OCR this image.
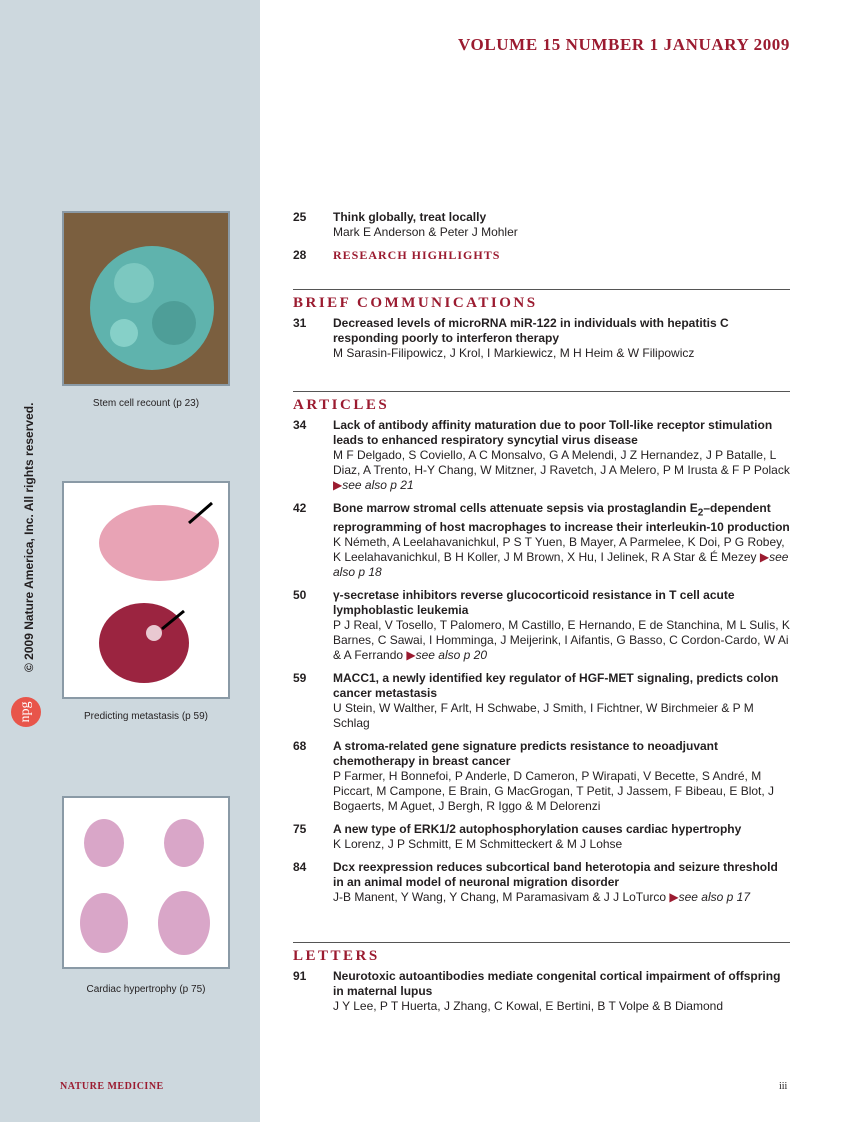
Stem cell recount (p 23)
Predicting metastasis (p 59)
Cardiac hypertrophy (p 75)
© 2009 Nature America, Inc. All rights reserved.
npg
NATURE MEDICINE
VOLUME 15 NUMBER 1 JANUARY 2009
25	Think globally, treat locally
Mark E Anderson & Peter J Mohler
28	RESEARCH HIGHLIGHTS
BRIEF COMMUNICATIONS
31	Decreased levels of microRNA miR-122 in individuals with hepatitis C responding poorly to interferon therapy
M Sarasin-Filipowicz, J Krol, I Markiewicz, M H Heim & W Filipowicz
ARTICLES
34	Lack of antibody affinity maturation due to poor Toll-like receptor stimulation leads to enhanced respiratory syncytial virus disease
M F Delgado, S Coviello, A C Monsalvo, G A Melendi, J Z Hernandez, J P Batalle, L Diaz, A Trento, H-Y Chang, W Mitzner, J Ravetch, J A Melero, P M Irusta & F P Polack ▶see also p 21
42	Bone marrow stromal cells attenuate sepsis via prostaglandin $E_2$–dependent reprogramming of host macrophages to increase their interleukin-10 production
K Németh, A Leelahavanichkul, P S T Yuen, B Mayer, A Parmelee, K Doi, P G Robey, K Leelahavanichkul, B H Koller, J M Brown, X Hu, I Jelinek, R A Star & É Mezey ▶see also p 18
50	γ-secretase inhibitors reverse glucocorticoid resistance in T cell acute lymphoblastic leukemia
P J Real, V Tosello, T Palomero, M Castillo, E Hernando, E de Stanchina, M L Sulis, K Barnes, C Sawai, I Homminga, J Meijerink, I Aifantis, G Basso, C Cordon-Cardo, W Ai & A Ferrando ▶see also p 20
59	MACC1, a newly identified key regulator of HGF-MET signaling, predicts colon cancer metastasis
U Stein, W Walther, F Arlt, H Schwabe, J Smith, I Fichtner, W Birchmeier & P M Schlag
68	A stroma-related gene signature predicts resistance to neoadjuvant chemotherapy in breast cancer
P Farmer, H Bonnefoi, P Anderle, D Cameron, P Wirapati, V Becette, S André, M Piccart, M Campone, E Brain, G MacGrogan, T Petit, J Jassem, F Bibeau, E Blot, J Bogaerts, M Aguet, J Bergh, R Iggo & M Delorenzi
75	A new type of ERK1/2 autophosphorylation causes cardiac hypertrophy
K Lorenz, J P Schmitt, E M Schmitteckert & M J Lohse
84	Dcx reexpression reduces subcortical band heterotopia and seizure threshold in an animal model of neuronal migration disorder
J-B Manent, Y Wang, Y Chang, M Paramasivam & J J LoTurco ▶see also p 17
LETTERS
91	Neurotoxic autoantibodies mediate congenital cortical impairment of offspring in maternal lupus
J Y Lee, P T Huerta, J Zhang, C Kowal, E Bertini, B T Volpe & B Diamond
iii
